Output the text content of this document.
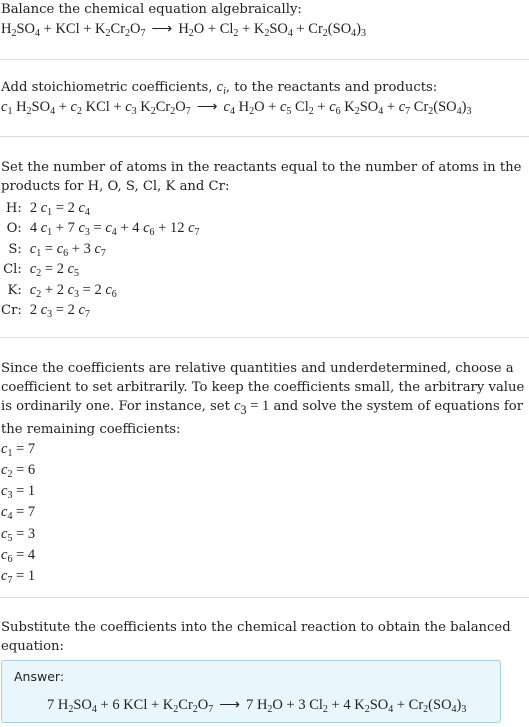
Balance the chemical equation algebraically:

$H_2SO_4$ + KCl + $K_2Cr_2O_7$ ⟶ $H_2O + Cl_2 + K_2SO_4 + Cr_2(SO_4)_3$

Add stoichiometric coefficients, $c_i$, to the reactants and products:

$c_1$ $H_2SO_4 + c_2$ KCl + $c_3$ $K_2Cr_2O_7$ ⟶ $c_4$ $H_2O + c_5$ $Cl_2 + c_6$ $K_2SO_4 + c_7$ $Cr_2(SO_4)_3$

Set the number of atoms in the reactants equal to the number of atoms in the products for H, O, S, Cl, K and Cr:

H:	2 $c_1 = 2$ $c_4$
O:	4 $c_1 + 7$ $c_3 = c_4 + 4$ $c_6 + 12$ $c_7$
S:	$c_1 = c_6 + 3$ $c_7$
Cl:	$c_2 = 2$ $c_5$
K:	$c_2 + 2$ $c_3 = 2$ $c_6$
Cr:	2 $c_3 = 2$ $c_7$

Since the coefficients are relative quantities and underdetermined, choose a coefficient to set arbitrarily. To keep the coefficients small, the arbitrary value is ordinarily one. For instance, set $c_3 = 1$ and solve the system of equations for the remaining coefficients:

$c_1 = 7$
$c_2 = 6$
$c_3 = 1$
$c_4 = 7$
$c_5 = 3$
$c_6 = 4$
$c_7 = 1$

Substitute the coefficients into the chemical reaction to obtain the balanced equation:

Answer:
7 $H_2SO_4 + 6$ KCl + $K_2Cr_2O_7$ ⟶ 7 $H_2O + 3$ $Cl_2 + 4$ $K_2SO_4 + Cr_2(SO_4)_3$
